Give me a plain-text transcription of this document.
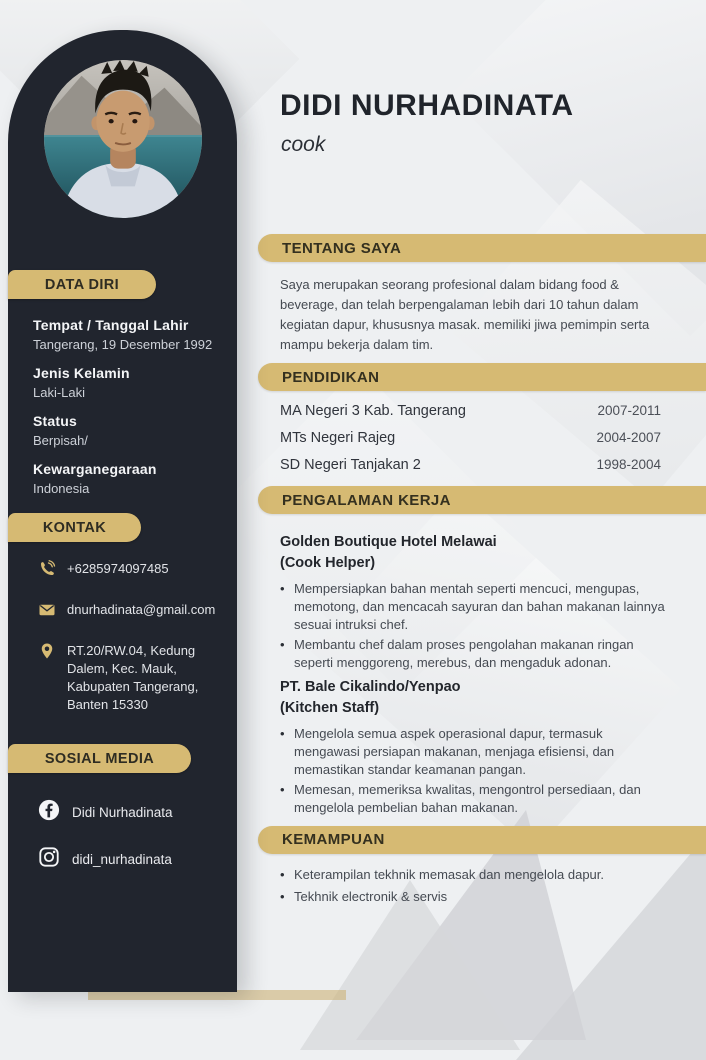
DATA DIRI
Tempat / Tanggal Lahir
Tangerang, 19 Desember 1992
Jenis Kelamin
Laki-Laki
Status
Berpisah/
Kewarganegaraan
Indonesia
KONTAK
+6285974097485
dnurhadinata@gmail.com
RT.20/RW.04, Kedung Dalem, Kec. Mauk, Kabupaten Tangerang, Banten 15330
SOSIAL MEDIA
Didi Nurhadinata
didi_nurhadinata
DIDI NURHADINATA
cook
TENTANG SAYA

Saya merupakan seorang profesional dalam bidang food & beverage, dan telah berpengalaman lebih dari 10 tahun dalam kegiatan dapur, khususnya masak. memiliki jiwa pemimpin serta mampu bekerja dalam tim.

PENDIDIKAN
MA Negeri 3 Kab. Tangerang	2007-2011
MTs Negeri Rajeg	2004-2007
SD Negeri Tanjakan 2	1998-2004
PENGALAMAN KERJA
Golden Boutique Hotel Melawai
(Cook Helper)
• Mempersiapkan bahan mentah seperti mencuci, mengupas, memotong, dan mencacah sayuran dan bahan makanan lainnya sesuai intruksi chef.
• Membantu chef dalam proses pengolahan makanan ringan seperti menggoreng, merebus, dan mengaduk adonan.
PT. Bale Cikalindo/Yenpao
(Kitchen Staff)
• Mengelola semua aspek operasional dapur, termasuk mengawasi persiapan makanan, menjaga efisiensi, dan memastikan standar keamanan pangan.
• Memesan, memeriksa kwalitas, mengontrol persediaan, dan mengelola pembelian bahan makanan.
KEMAMPUAN
• Keterampilan tekhnik memasak dan mengelola dapur.
• Tekhnik electronik & servis
